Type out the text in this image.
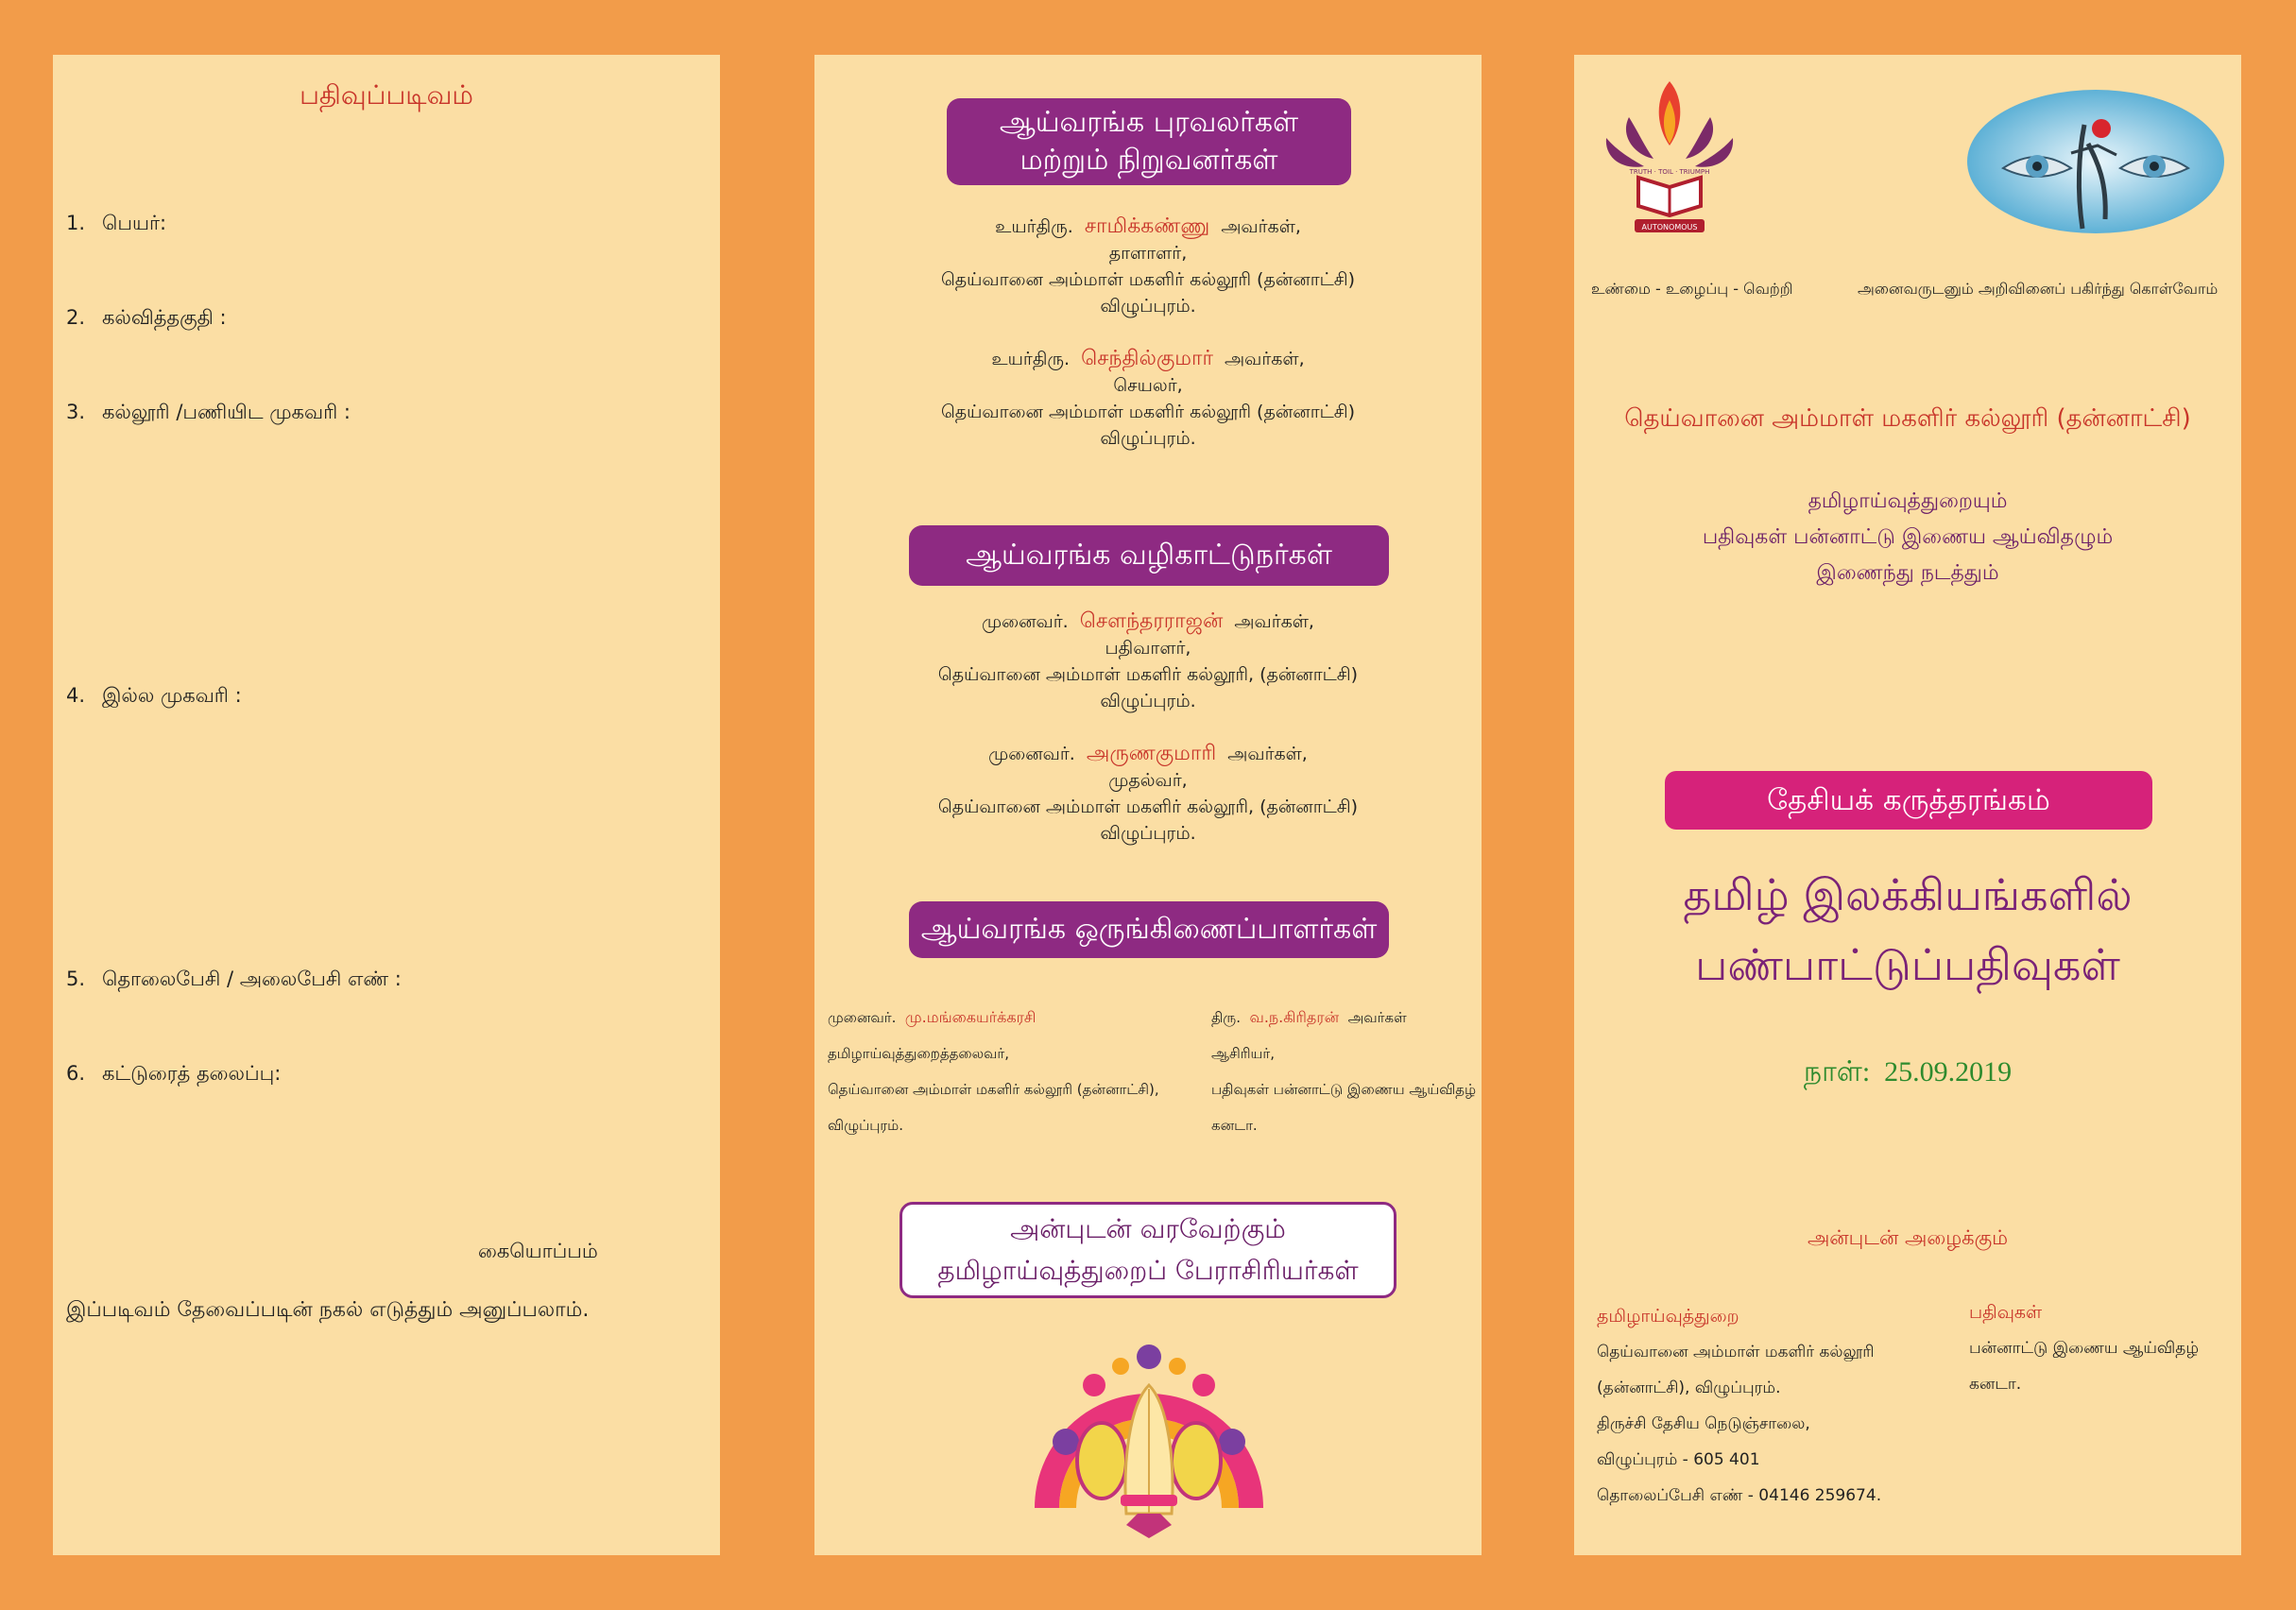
பதிவுப்படிவம்
1. பெயர்:
2. கல்வித்தகுதி :
3. கல்லூரி /பணியிட முகவரி :
4. இல்ல முகவரி :
5. தொலைபேசி / அலைபேசி எண் :
6. கட்டுரைத் தலைப்பு:
கையொப்பம்
இப்படிவம் தேவைப்படின் நகல் எடுத்தும் அனுப்பலாம்.
ஆய்வரங்க புரவலர்கள்
மற்றும் நிறுவனர்கள்
உயர்திரு. சாமிக்கண்ணு அவர்கள்,
தாளாளர்,
தெய்வானை அம்மாள் மகளிர் கல்லூரி (தன்னாட்சி)
விழுப்புரம்.
உயர்திரு. செந்தில்குமார் அவர்கள்,
செயலர்,
தெய்வானை அம்மாள் மகளிர் கல்லூரி (தன்னாட்சி)
விழுப்புரம்.
ஆய்வரங்க வழிகாட்டுநர்கள்
முனைவர். சௌந்தரராஜன் அவர்கள்,
பதிவாளர்,
தெய்வானை அம்மாள் மகளிர் கல்லூரி, (தன்னாட்சி)
விழுப்புரம்.
முனைவர். அருணகுமாரி அவர்கள்,
முதல்வர்,
தெய்வானை அம்மாள் மகளிர் கல்லூரி, (தன்னாட்சி)
விழுப்புரம்.
ஆய்வரங்க ஒருங்கிணைப்பாளர்கள்
முனைவர். மு.மங்கையர்க்கரசி
தமிழாய்வுத்துறைத்தலைவர்,
தெய்வானை அம்மாள் மகளிர் கல்லூரி (தன்னாட்சி),
விழுப்புரம்.
திரு. வ.ந.கிரிதரன் அவர்கள்
ஆசிரியர்,
பதிவுகள் பன்னாட்டு இணைய ஆய்விதழ்
கனடா.
அன்புடன் வரவேற்கும்
தமிழாய்வுத்துறைப் பேராசிரியர்கள்
TRUTH · TOIL · TRIUMPH
AUTONOMOUS
உண்மை - உழைப்பு - வெற்றி	அனைவருடனும் அறிவினைப் பகிர்ந்து கொள்வோம்
தெய்வானை அம்மாள் மகளிர் கல்லூரி (தன்னாட்சி)
தமிழாய்வுத்துறையும்
பதிவுகள் பன்னாட்டு இணைய ஆய்விதழும்
இணைந்து நடத்தும்
தேசியக் கருத்தரங்கம்
தமிழ் இலக்கியங்களில்
பண்பாட்டுப்பதிவுகள்
நாள்: 25.09.2019
அன்புடன் அழைக்கும்
தமிழாய்வுத்துறை
தெய்வானை அம்மாள் மகளிர் கல்லூரி
(தன்னாட்சி), விழுப்புரம்.
திருச்சி தேசிய நெடுஞ்சாலை,
விழுப்புரம் - 605 401
தொலைப்பேசி எண் - 04146 259674.
பதிவுகள்
பன்னாட்டு இணைய ஆய்விதழ்
கனடா.
